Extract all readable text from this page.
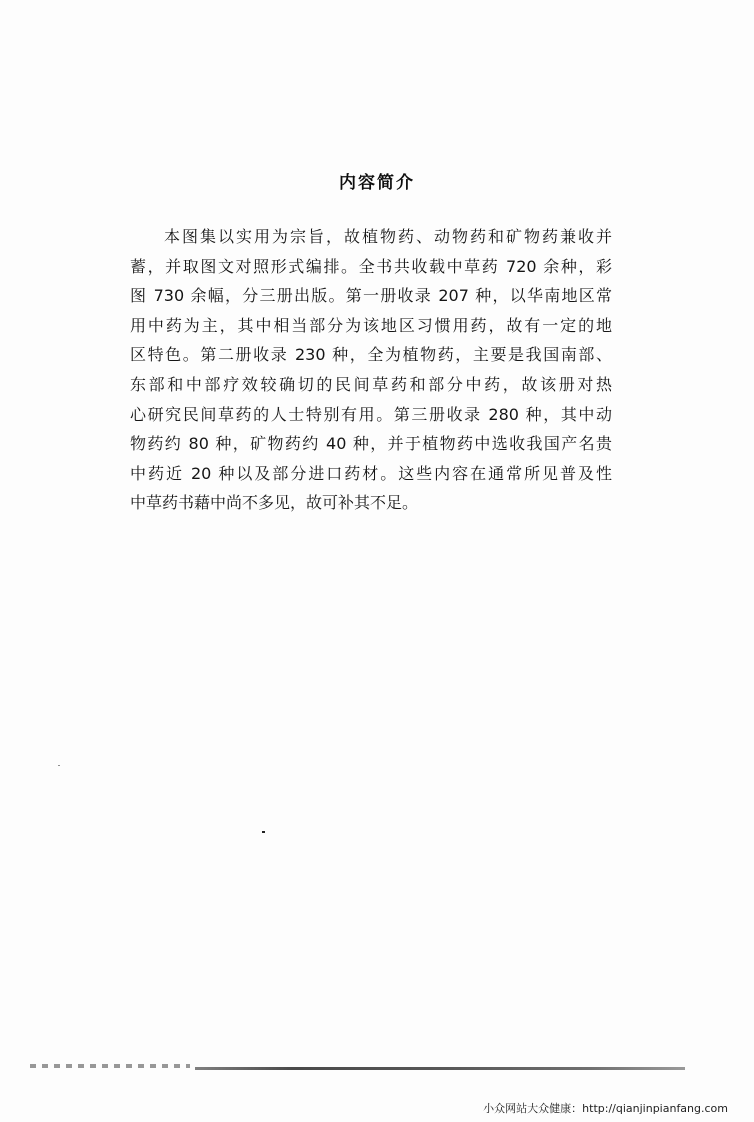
内容简介
本图集以实用为宗旨，故植物药、动物药和矿物药兼收并
蓄，并取图文对照形式编排。全书共收载中草药 720 余种，彩
图 730 余幅，分三册出版。第一册收录 207 种，以华南地区常
用中药为主，其中相当部分为该地区习惯用药，故有一定的地
区特色。第二册收录 230 种，全为植物药，主要是我国南部、
东部和中部疗效较确切的民间草药和部分中药，故该册对热
心研究民间草药的人士特别有用。第三册收录 280 种，其中动
物药约 80 种，矿物药约 40 种，并于植物药中选收我国产名贵
中药近 20 种以及部分进口药材。这些内容在通常所见普及性
中草药书藉中尚不多见，故可补其不足。
小众网站大众健康：http://qianjinpianfang.com
